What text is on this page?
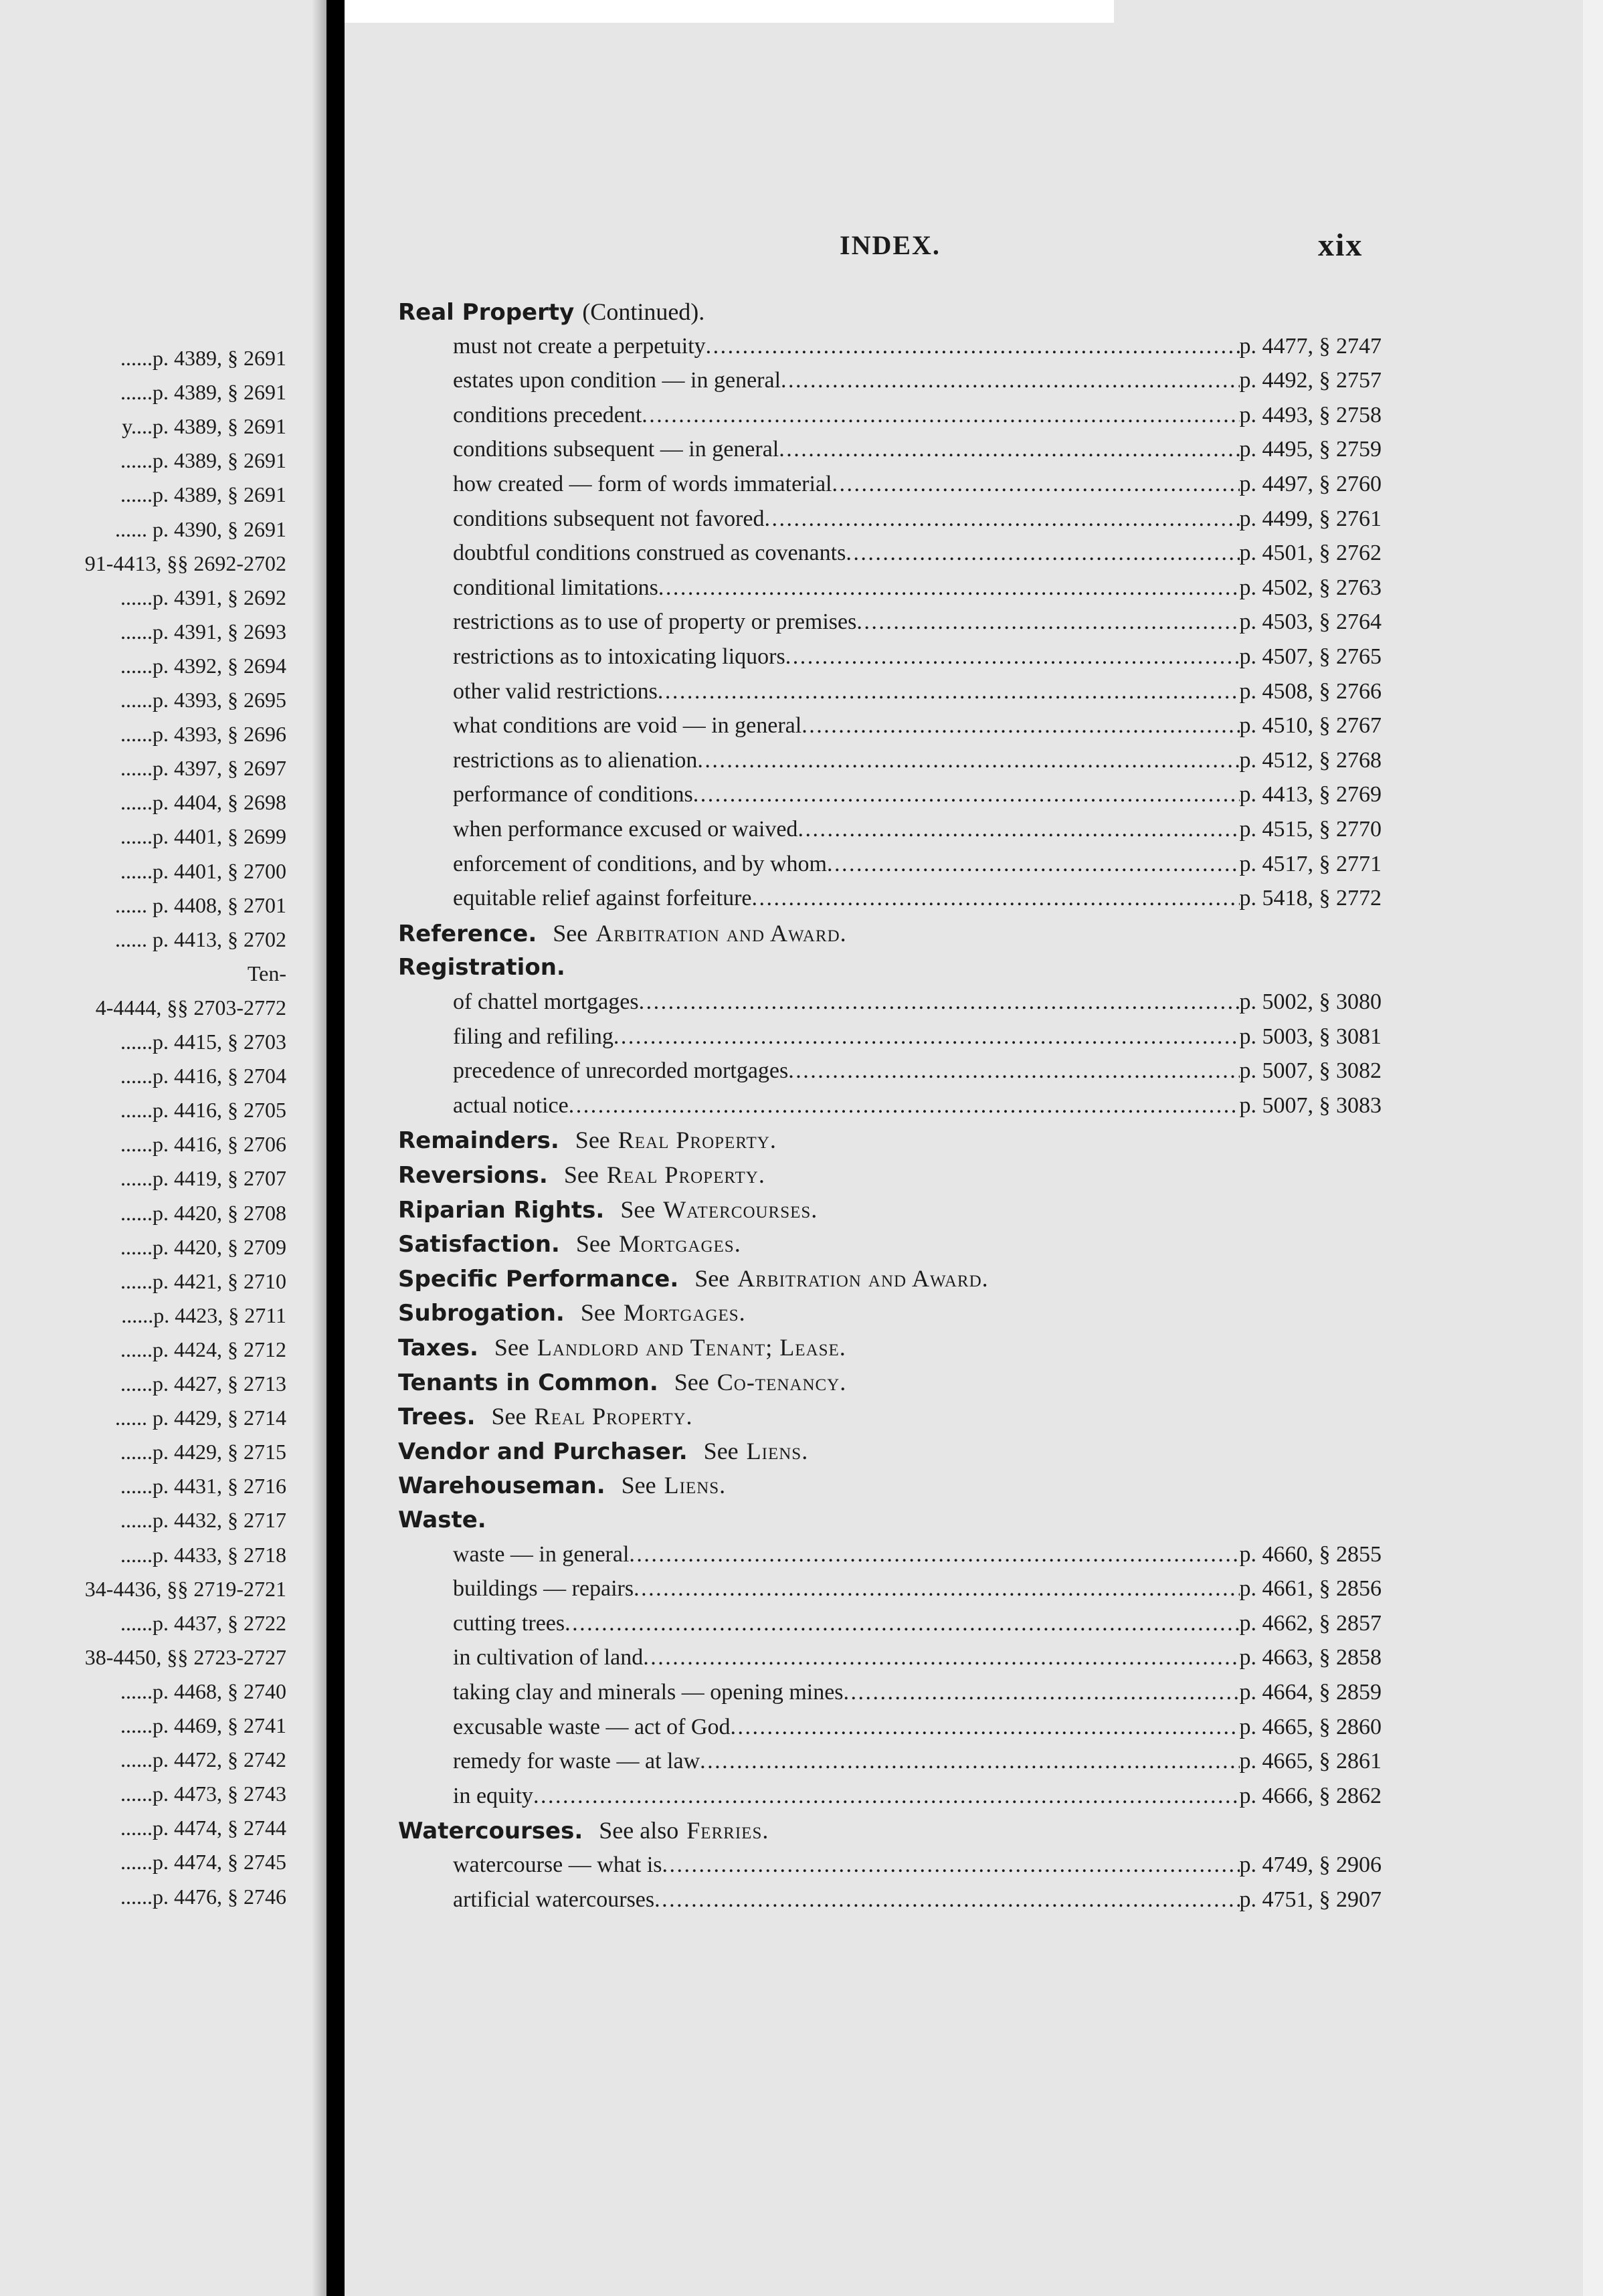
......p. 4389, § 2691
......p. 4389, § 2691
y....p. 4389, § 2691
......p. 4389, § 2691
......p. 4389, § 2691
...... p. 4390, § 2691
91-4413, §§ 2692-2702
......p. 4391, § 2692
......p. 4391, § 2693
......p. 4392, § 2694
......p. 4393, § 2695
......p. 4393, § 2696
......p. 4397, § 2697
......p. 4404, § 2698
......p. 4401, § 2699
......p. 4401, § 2700
...... p. 4408, § 2701
...... p. 4413, § 2702
Ten-
4-4444, §§ 2703-2772
......p. 4415, § 2703
......p. 4416, § 2704
......p. 4416, § 2705
......p. 4416, § 2706
......p. 4419, § 2707
......p. 4420, § 2708
......p. 4420, § 2709
......p. 4421, § 2710
......p. 4423, § 2711
......p. 4424, § 2712
......p. 4427, § 2713
...... p. 4429, § 2714
......p. 4429, § 2715
......p. 4431, § 2716
......p. 4432, § 2717
......p. 4433, § 2718
34-4436, §§ 2719-2721
......p. 4437, § 2722
38-4450, §§ 2723-2727
......p. 4468, § 2740
......p. 4469, § 2741
......p. 4472, § 2742
......p. 4473, § 2743
......p. 4474, § 2744
......p. 4474, § 2745
......p. 4476, § 2746
INDEX.	xix
Real Property (Continued).
must not create a perpetuity . . .	p. 4477, § 2747
estates upon condition — in general . . .	p. 4492, § 2757
conditions precedent . . .	p. 4493, § 2758
conditions subsequent — in general . . .	p. 4495, § 2759
how created — form of words immaterial . . .	p. 4497, § 2760
conditions subsequent not favored . . .	p. 4499, § 2761
doubtful conditions construed as covenants . . .	p. 4501, § 2762
conditional limitations . . .	p. 4502, § 2763
restrictions as to use of property or premises . . .	p. 4503, § 2764
restrictions as to intoxicating liquors . . .	p. 4507, § 2765
other valid restrictions . . .	p. 4508, § 2766
what conditions are void — in general . . .	p. 4510, § 2767
restrictions as to alienation . . .	p. 4512, § 2768
performance of conditions . . .	p. 4413, § 2769
when performance excused or waived . . .	p. 4515, § 2770
enforcement of conditions, and by whom . . .	p. 4517, § 2771
equitable relief against forfeiture . . .	p. 5418, § 2772
Reference. See Arbitration and Award.
Registration.
of chattel mortgages . . .	p. 5002, § 3080
filing and refiling . . .	p. 5003, § 3081
precedence of unrecorded mortgages . . .	p. 5007, § 3082
actual notice . . .	p. 5007, § 3083
Remainders. See Real Property.
Reversions. See Real Property.
Riparian Rights. See Watercourses.
Satisfaction. See Mortgages.
Specific Performance. See Arbitration and Award.
Subrogation. See Mortgages.
Taxes. See Landlord and Tenant; Lease.
Tenants in Common. See Co-tenancy.
Trees. See Real Property.
Vendor and Purchaser. See Liens.
Warehouseman. See Liens.
Waste.
waste — in general . . .	p. 4660, § 2855
buildings — repairs . . .	p. 4661, § 2856
cutting trees . . .	p. 4662, § 2857
in cultivation of land . . .	p. 4663, § 2858
taking clay and minerals — opening mines . . .	p. 4664, § 2859
excusable waste — act of God . . .	p. 4665, § 2860
remedy for waste — at law . . .	p. 4665, § 2861
in equity . . .	p. 4666, § 2862
Watercourses. See also Ferries.
watercourse — what is . . .	p. 4749, § 2906
artificial watercourses . . .	p. 4751, § 2907
